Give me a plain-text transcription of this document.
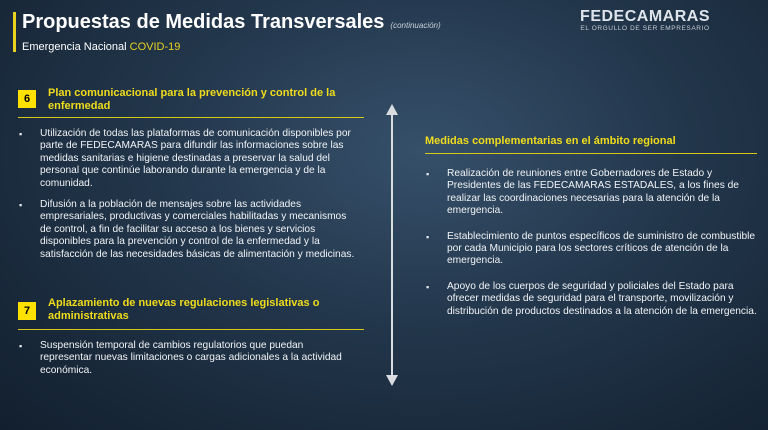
Propuestas de Medidas Transversales (continuación)
Emergencia Nacional COVID-19
FEDECAMARAS
EL ORGULLO DE SER EMPRESARIO
6	Plan comunicacional para la prevención y control de la enfermedad
▪ Utilización de todas las plataformas de comunicación disponibles por parte de FEDECAMARAS para difundir las informaciones sobre las medidas sanitarias e higiene destinadas a preservar la salud del personal que continúe laborando durante la emergencia y de la comunidad.
▪ Difusión a la población de mensajes sobre las actividades empresariales, productivas y comerciales habilitadas y mecanismos de control, a fin de facilitar su acceso a los bienes y servicios disponibles para la prevención y control de la enfermedad y la satisfacción de las necesidades básicas de alimentación y medicinas.
7
Aplazamiento de nuevas regulaciones legislativas o administrativas
▪ Suspensión temporal de cambios regulatorios que puedan representar nuevas limitaciones o cargas adicionales a la actividad económica.
Medidas complementarias en el ámbito regional
▪ Realización de reuniones entre Gobernadores de Estado y Presidentes de las FEDECAMARAS ESTADALES, a los fines de realizar las coordinaciones necesarias para la atención de la emergencia.
▪ Establecimiento de puntos específicos de suministro de combustible por cada Municipio para los sectores críticos de atención de la emergencia.
▪ Apoyo de los cuerpos de seguridad y policiales del Estado para ofrecer medidas de seguridad para el transporte, movilización y distribución de productos destinados a la atención de la emergencia.
